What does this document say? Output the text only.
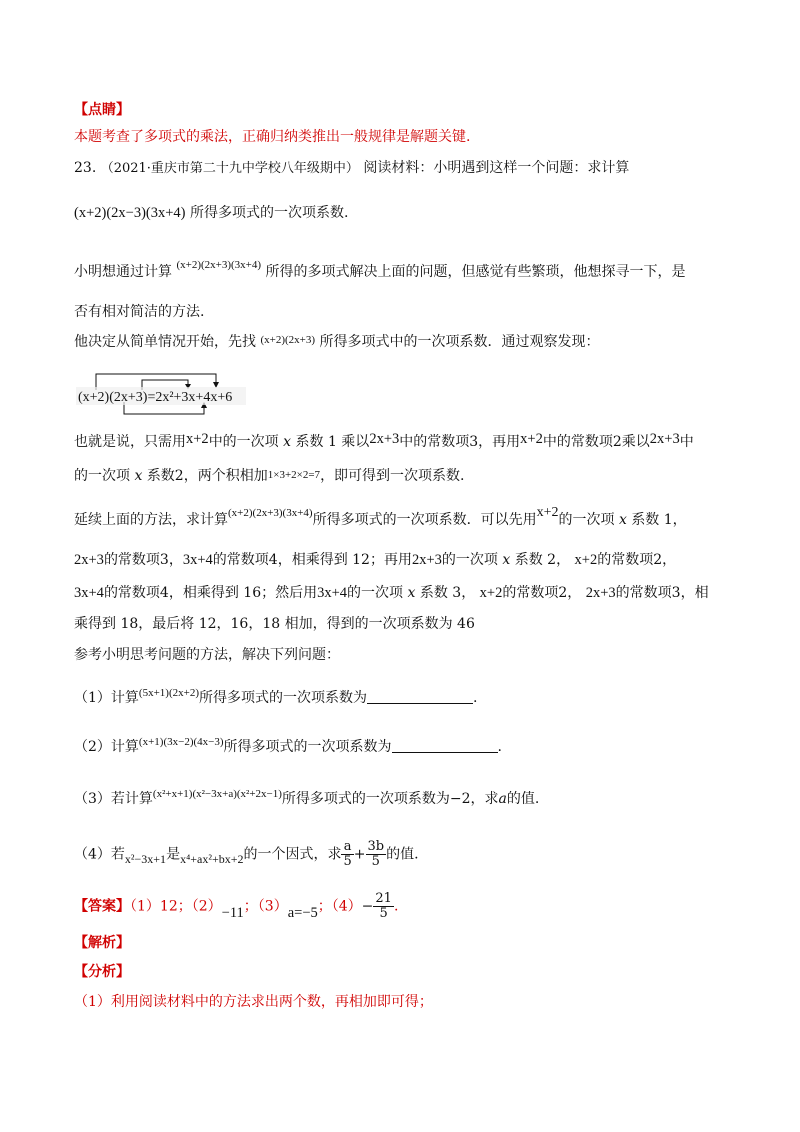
【点睛】
本题考查了多项式的乘法，正确归纳类推出一般规律是解题关键.
23. （2021·重庆市第二十九中学校八年级期中） 阅读材料：小明遇到这样一个问题：求计算
(x+2)(2x−3)(3x+4) 所得多项式的一次项系数.
小明想通过计算 $^{(x+2)(2x+3)(3x+4)}$ 所得的多项式解决上面的问题，但感觉有些繁琐，他想探寻一下，是
否有相对简洁的方法.
他决定从简单情况开始，先找 $^{(x+2)(2x+3)}$ 所得多项式中的一次项系数．通过观察发现：
(x+2)(2x+3)=2x²+3x+4x+6
也就是说，只需用x+2中的一次项 x 系数 1 乘以2x+3中的常数项3，再用x+2中的常数项2乘以2x+3中
的一次项 x 系数2，两个积相加1×3+2×2=7，即可得到一次项系数.
延续上面的方法，求计算$^{(x+2)(2x+3)(3x+4)}$所得多项式的一次项系数．可以先用x+2的一次项 x 系数 1，
2x+3的常数项3，3x+4的常数项4，相乘得到 12；再用2x+3的一次项 x 系数 2， x+2的常数项2，
3x+4的常数项4，相乘得到 16；然后用3x+4的一次项 x 系数 3， x+2的常数项2， 2x+3的常数项3，相
乘得到 18，最后将 12，16，18 相加，得到的一次项系数为 46
参考小明思考问题的方法，解决下列问题：
（1）计算$^{(5x+1)(2x+2)}$所得多项式的一次项系数为	.
（2）计算$^{(x+1)(3x-2)(4x-3)}$所得多项式的一次项系数为	.
（3）若计算$^{(x^2+x+1)(x^2-3x+a)(x^2+2x-1)}$所得多项式的一次项系数为−2，求a的值.
（4）若x²−3x+1是x⁴+ax²+bx+2的一个因式，求 $\frac{a}{5} + \frac{3b}{5}$ 的值.
【答案】（1）12；（2）−11；（3）a=−5；$(4)- \frac{21}{5}$ .
【解析】
【分析】
（1）利用阅读材料中的方法求出两个数，再相加即可得；
